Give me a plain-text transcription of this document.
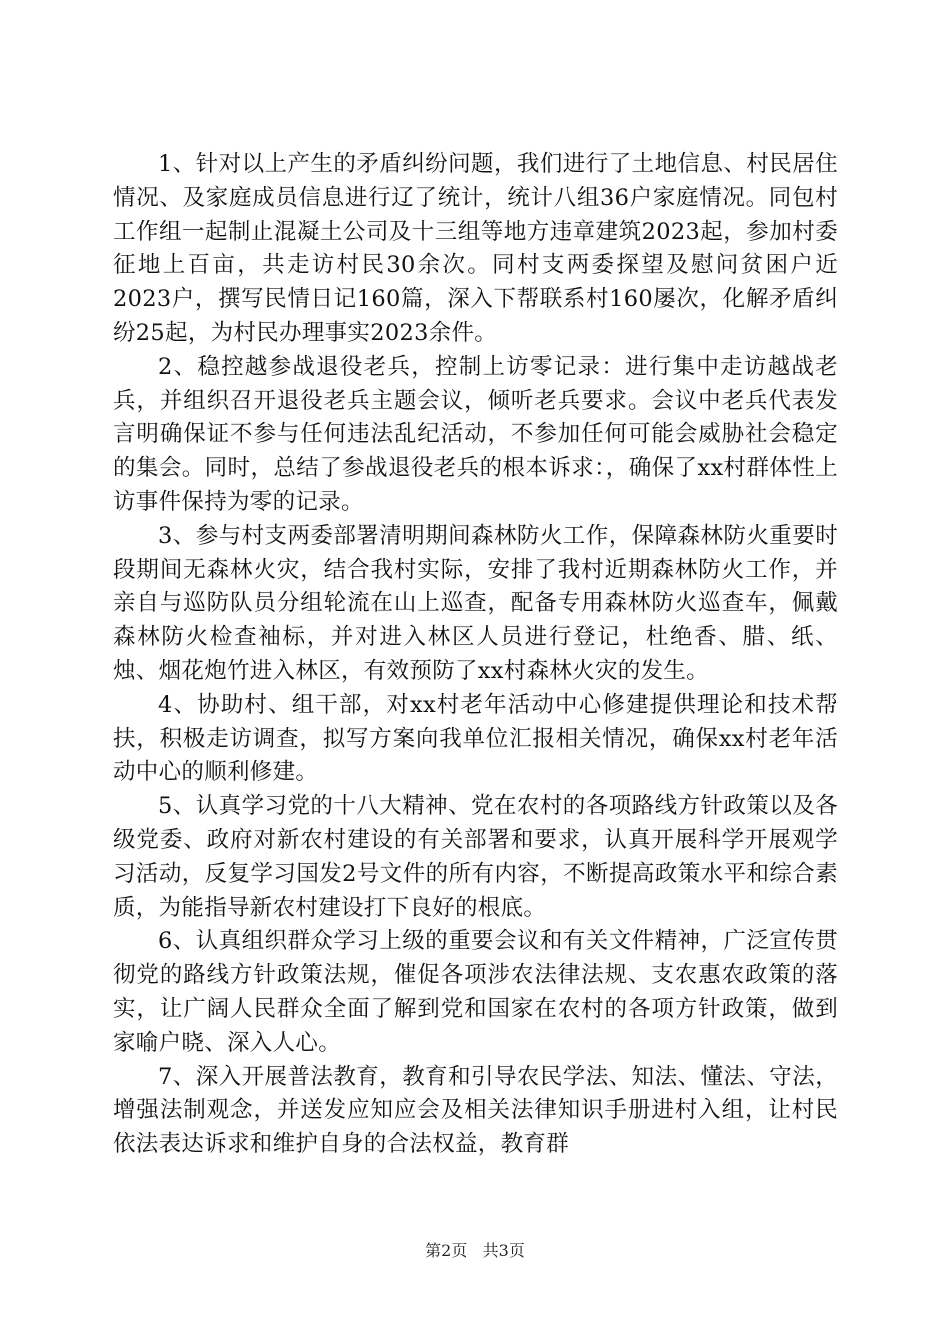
1、针对以上产生的矛盾纠纷问题，我们进行了土地信息、村民居住情况、及家庭成员信息进行辽了统计，统计八组36户家庭情况。同包村工作组一起制止混凝土公司及十三组等地方违章建筑2023起，参加村委征地上百亩，共走访村民30余次。同村支两委探望及慰问贫困户近2023户，撰写民情日记160篇，深入下帮联系村160屡次，化解矛盾纠纷25起，为村民办理事实2023余件。

2、稳控越参战退役老兵，控制上访零记录：进行集中走访越战老兵，并组织召开退役老兵主题会议，倾听老兵要求。会议中老兵代表发言明确保证不参与任何违法乱纪活动，不参加任何可能会威胁社会稳定的集会。同时，总结了参战退役老兵的根本诉求：，确保了xx村群体性上访事件保持为零的记录。

3、参与村支两委部署清明期间森林防火工作，保障森林防火重要时段期间无森林火灾，结合我村实际，安排了我村近期森林防火工作，并亲自与巡防队员分组轮流在山上巡查，配备专用森林防火巡查车，佩戴森林防火检查袖标，并对进入林区人员进行登记，杜绝香、腊、纸、烛、烟花炮竹进入林区，有效预防了xx村森林火灾的发生。

4、协助村、组干部，对xx村老年活动中心修建提供理论和技术帮扶，积极走访调查，拟写方案向我单位汇报相关情况，确保xx村老年活动中心的顺利修建。

5、认真学习党的十八大精神、党在农村的各项路线方针政策以及各级党委、政府对新农村建设的有关部署和要求，认真开展科学开展观学习活动，反复学习国发2号文件的所有内容，不断提高政策水平和综合素质，为能指导新农村建设打下良好的根底。

6、认真组织群众学习上级的重要会议和有关文件精神，广泛宣传贯彻党的路线方针政策法规，催促各项涉农法律法规、支农惠农政策的落实，让广阔人民群众全面了解到党和国家在农村的各项方针政策，做到家喻户晓、深入人心。

7、深入开展普法教育，教育和引导农民学法、知法、懂法、守法，增强法制观念，并送发应知应会及相关法律知识手册进村入组，让村民依法表达诉求和维护自身的合法权益，教育群

第2页 共3页
